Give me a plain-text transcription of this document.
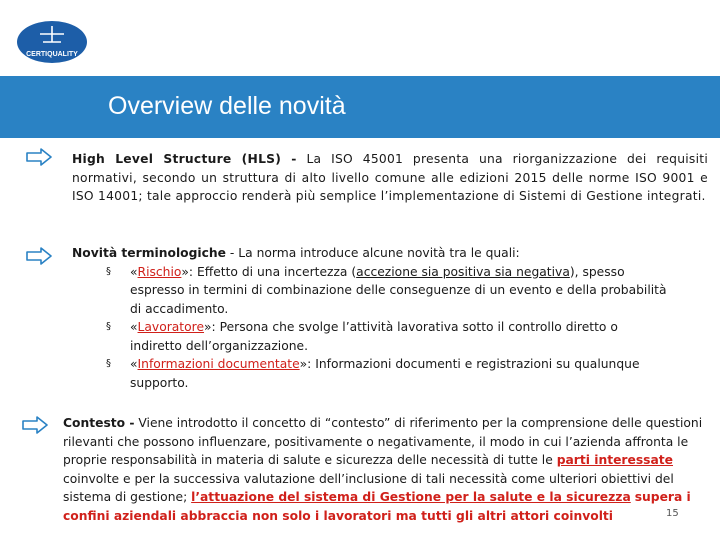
CERTIQUALITY
Overview delle novità
High Level Structure (HLS) - La ISO 45001 presenta una riorganizzazione dei requisiti normativi, secondo un struttura di alto livello comune alle edizioni 2015 delle norme ISO 9001 e ISO 14001; tale approccio renderà più semplice l’implementazione di Sistemi di Gestione integrati.
Novità terminologiche - La norma introduce alcune novità tra le quali:
§ «Rischio»: Effetto di una incertezza (accezione sia positiva sia negativa), spesso espresso in termini di combinazione delle conseguenze di un evento e della probabilità di accadimento.
§ «Lavoratore»: Persona che svolge l’attività lavorativa sotto il controllo diretto o indiretto dell’organizzazione.
§ «Informazioni documentate»: Informazioni documenti e registrazioni su qualunque supporto.
Contesto - Viene introdotto il concetto di “contesto” di riferimento per la comprensione delle questioni rilevanti che possono influenzare, positivamente o negativamente, il modo in cui l’azienda affronta le proprie responsabilità in materia di salute e sicurezza delle necessità di tutte le parti interessate coinvolte e per la successiva valutazione dell’inclusione di tali necessità come ulteriori obiettivi del sistema di gestione; l’attuazione del sistema di Gestione per la salute e la sicurezza supera i confini aziendali abbraccia non solo i lavoratori ma tutti gli altri attori coinvolti	15
